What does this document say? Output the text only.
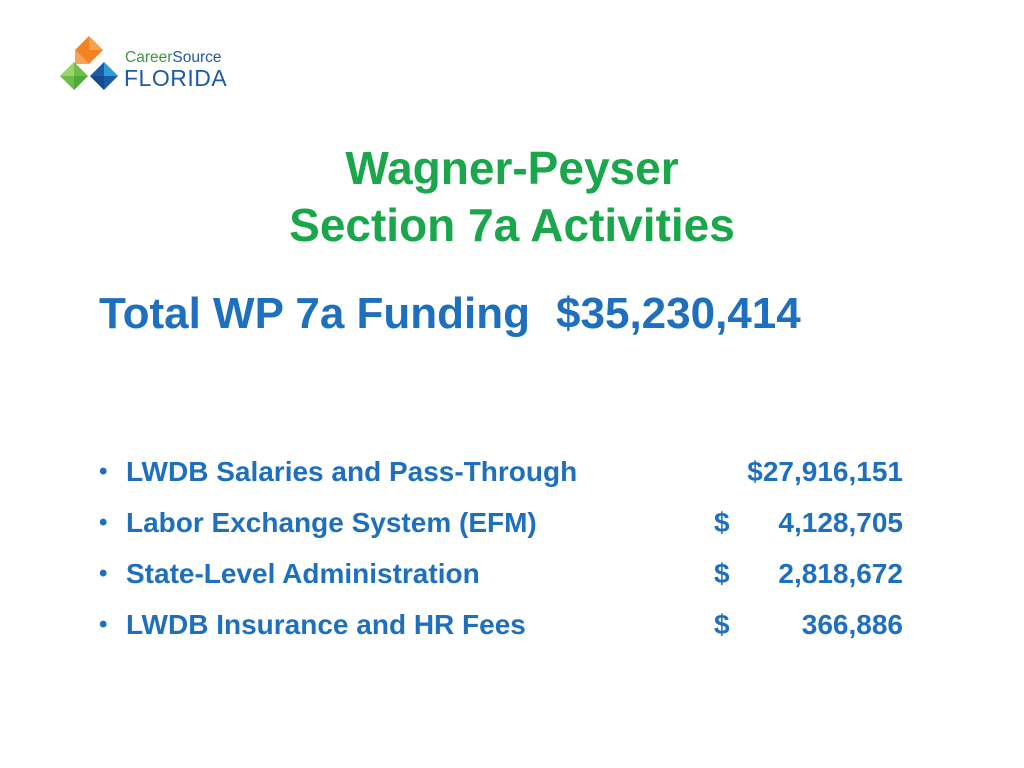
CareerSource
FLORIDA
Wagner-Peyser
Section 7a Activities
Total WP 7a Funding $35,230,414
• LWDB Salaries and Pass-Through	$27,916,151
• Labor Exchange System (EFM)	$ 4,128,705
• State-Level Administration	$ 2,818,672
• LWDB Insurance and HR Fees	$	366,886
